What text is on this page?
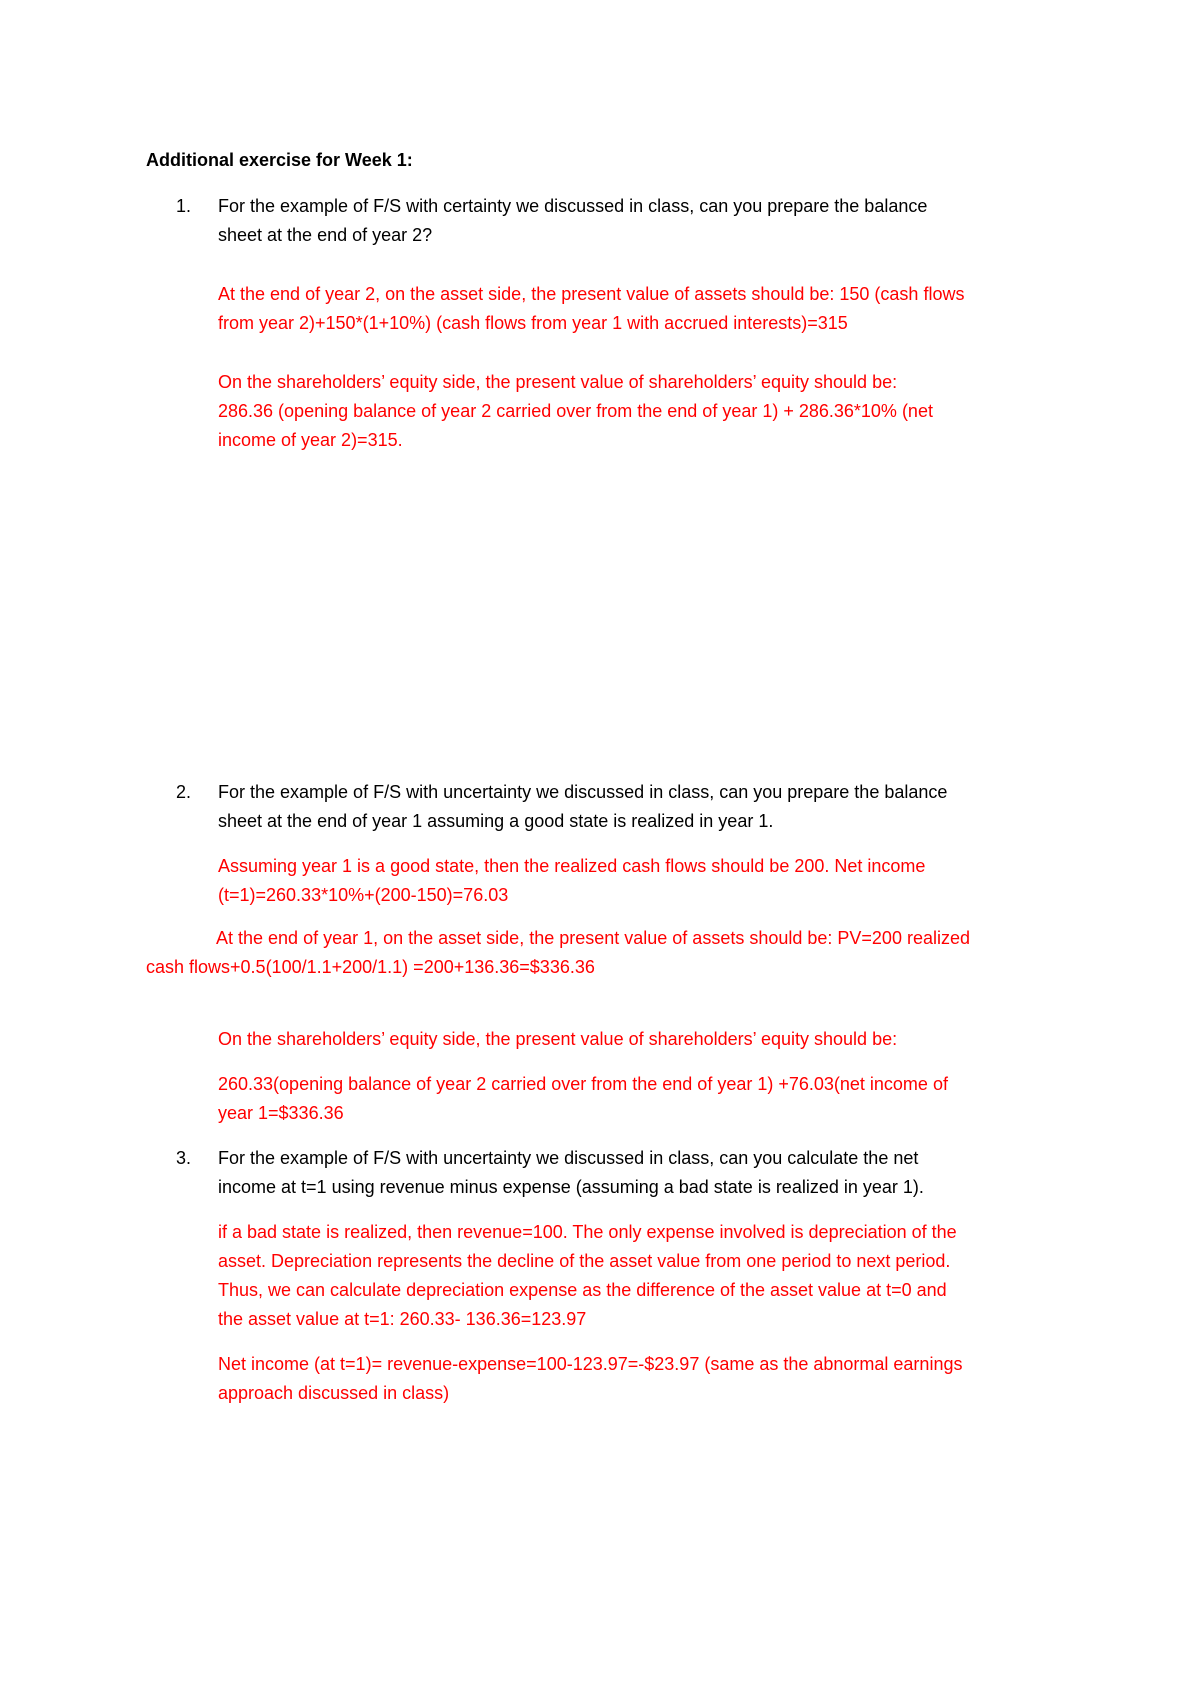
Additional exercise for Week 1:
1. For the example of F/S with certainty we discussed in class, can you prepare the balance
sheet at the end of year 2?
At the end of year 2, on the asset side, the present value of assets should be: 150 (cash flows
from year 2)+150*(1+10%) (cash flows from year 1 with accrued interests)=315
On the shareholders’ equity side, the present value of shareholders’ equity should be:
286.36 (opening balance of year 2 carried over from the end of year 1) + 286.36*10% (net
income of year 2)=315.
2. For the example of F/S with uncertainty we discussed in class, can you prepare the balance
sheet at the end of year 1 assuming a good state is realized in year 1.
Assuming year 1 is a good state, then the realized cash flows should be 200. Net income
(t=1)=260.33*10%+(200-150)=76.03
At the end of year 1, on the asset side, the present value of assets should be: PV=200 realized
cash flows+0.5(100/1.1+200/1.1) =200+136.36=$336.36
On the shareholders’ equity side, the present value of shareholders’ equity should be:
260.33(opening balance of year 2 carried over from the end of year 1) +76.03(net income of
year 1=$336.36
3. For the example of F/S with uncertainty we discussed in class, can you calculate the net
income at t=1 using revenue minus expense (assuming a bad state is realized in year 1).
if a bad state is realized, then revenue=100. The only expense involved is depreciation of the
asset. Depreciation represents the decline of the asset value from one period to next period.
Thus, we can calculate depreciation expense as the difference of the asset value at t=0 and
the asset value at t=1: 260.33- 136.36=123.97
Net income (at t=1)= revenue-expense=100-123.97=-$23.97 (same as the abnormal earnings
approach discussed in class)
